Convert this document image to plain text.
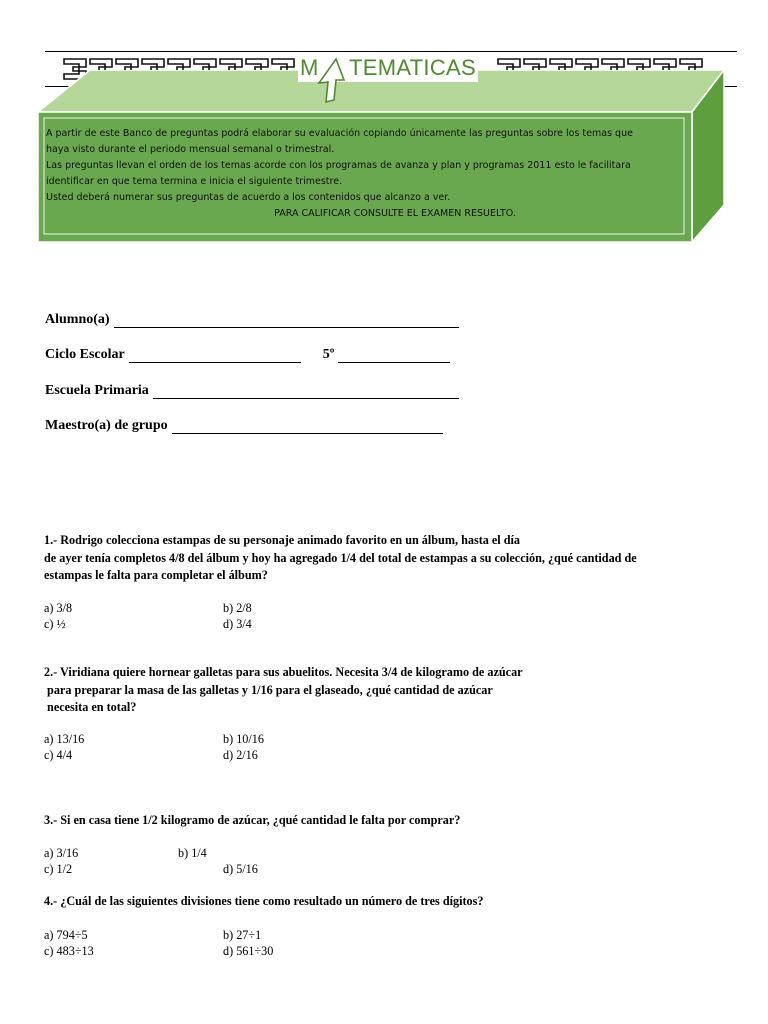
M TEMATICAS

A partir de este Banco de preguntas podrá elaborar su evaluación copiando únicamente las preguntas sobre los temas que

haya visto durante el periodo mensual semanal o trimestral.

Las preguntas llevan el orden de los temas acorde con los programas de avanza y plan y programas 2011 esto le facilitara

identificar en que tema termina e inicia el siguiente trimestre.

Usted deberá numerar sus preguntas de acuerdo a los contenidos que alcanzo a ver.

PARA CALIFICAR CONSULTE EL EXAMEN RESUELTO.

Alumno(a)
Ciclo Escolar	5º
Escuela Primaria
Maestro(a) de grupo

1.- Rodrigo colecciona estampas de su personaje animado favorito en un álbum, hasta el día

de ayer tenía completos 4/8 del álbum y hoy ha agregado 1/4 del total de estampas a su colección, ¿qué cantidad de

estampas le falta para completar el álbum?

a) 3/8	b) 2/8
c) ½	d) 3/4

2.- Viridiana quiere hornear galletas para sus abuelitos. Necesita 3/4 de kilogramo de azúcar

para preparar la masa de las galletas y 1/16 para el glaseado, ¿qué cantidad de azúcar

necesita en total?

a) 13/16	b) 10/16
c) 4/4	d) 2/16

3.- Si en casa tiene 1/2 kilogramo de azúcar, ¿qué cantidad le falta por comprar?

a) 3/16	b) 1/4
c) 1/2	d) 5/16

4.- ¿Cuál de las siguientes divisiones tiene como resultado un número de tres dígitos?

a) 794÷5	b) 27÷1
c) 483÷13	d) 561÷30
